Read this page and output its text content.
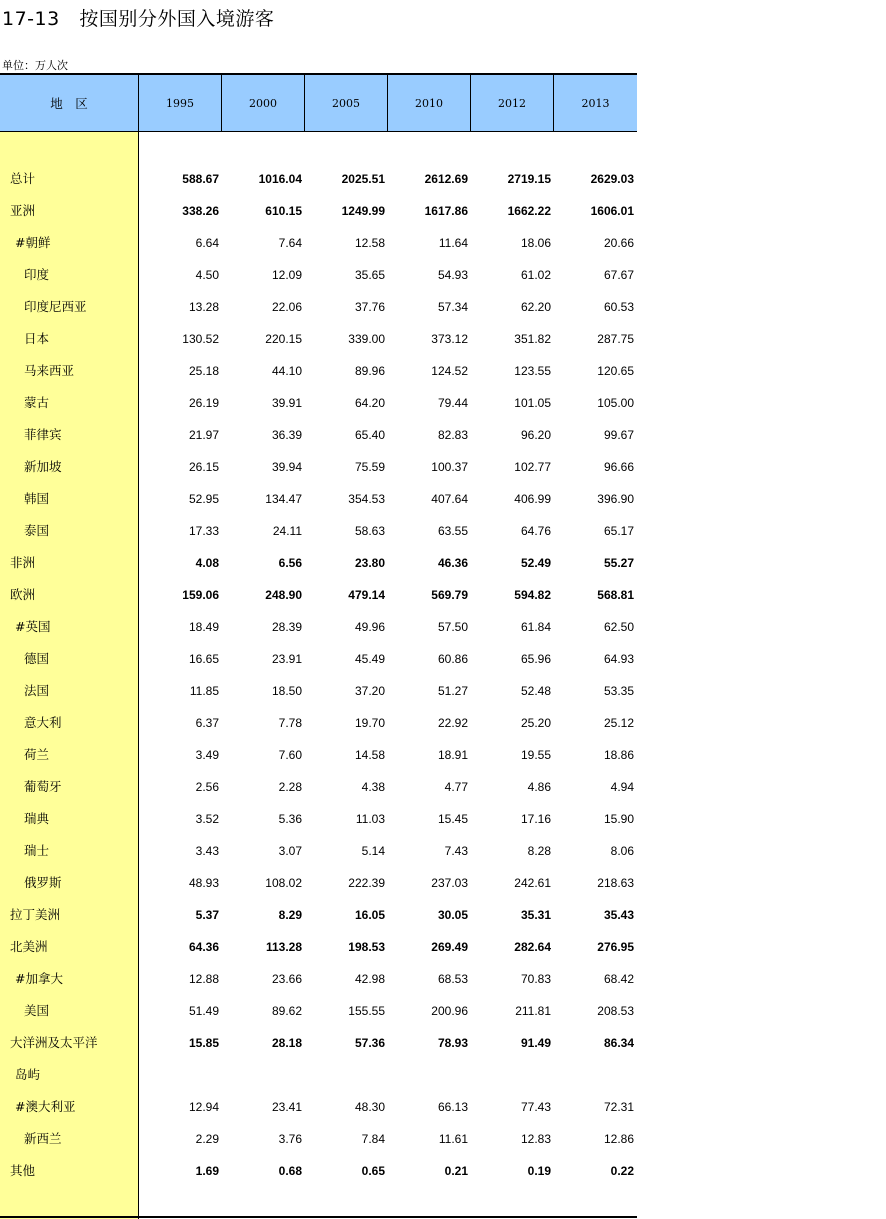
17-13   按国别分外国入境游客
单位：万人次
地　区	1995	2000	2005	2010	2012	2013
总计	588.67	1016.04	2025.51	2612.69	2719.15	2629.03
亚洲	338.26	610.15	1249.99	1617.86	1662.22	1606.01
#朝鲜	6.64	7.64	12.58	11.64	18.06	20.66
印度	4.50	12.09	35.65	54.93	61.02	67.67
印度尼西亚	13.28	22.06	37.76	57.34	62.20	60.53
日本	130.52	220.15	339.00	373.12	351.82	287.75
马来西亚	25.18	44.10	89.96	124.52	123.55	120.65
蒙古	26.19	39.91	64.20	79.44	101.05	105.00
菲律宾	21.97	36.39	65.40	82.83	96.20	99.67
新加坡	26.15	39.94	75.59	100.37	102.77	96.66
韩国	52.95	134.47	354.53	407.64	406.99	396.90
泰国	17.33	24.11	58.63	63.55	64.76	65.17
非洲	4.08	6.56	23.80	46.36	52.49	55.27
欧洲	159.06	248.90	479.14	569.79	594.82	568.81
#英国	18.49	28.39	49.96	57.50	61.84	62.50
德国	16.65	23.91	45.49	60.86	65.96	64.93
法国	11.85	18.50	37.20	51.27	52.48	53.35
意大利	6.37	7.78	19.70	22.92	25.20	25.12
荷兰	3.49	7.60	14.58	18.91	19.55	18.86
葡萄牙	2.56	2.28	4.38	4.77	4.86	4.94
瑞典	3.52	5.36	11.03	15.45	17.16	15.90
瑞士	3.43	3.07	5.14	7.43	8.28	8.06
俄罗斯	48.93	108.02	222.39	237.03	242.61	218.63
拉丁美洲	5.37	8.29	16.05	30.05	35.31	35.43
北美洲	64.36	113.28	198.53	269.49	282.64	276.95
#加拿大	12.88	23.66	42.98	68.53	70.83	68.42
美国	51.49	89.62	155.55	200.96	211.81	208.53
大洋洲及太平洋	15.85	28.18	57.36	78.93	91.49	86.34
岛屿
#澳大利亚	12.94	23.41	48.30	66.13	77.43	72.31
新西兰	2.29	3.76	7.84	11.61	12.83	12.86
其他	1.69	0.68	0.65	0.21	0.19	0.22
